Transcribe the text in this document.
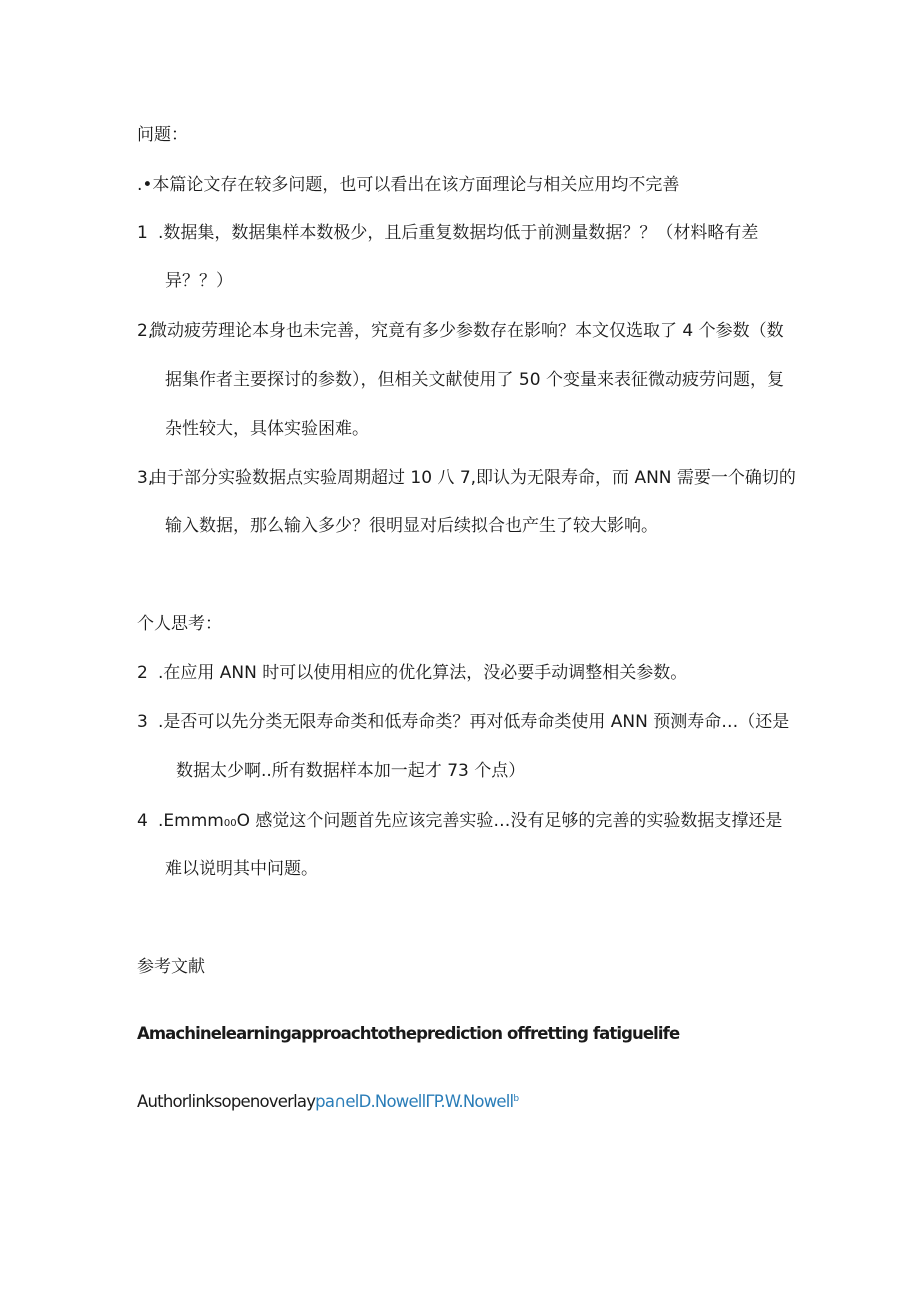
问题：
.•本篇论文存在较多问题，也可以看出在该方面理论与相关应用均不完善
1 .数据集，数据集样本数极少，且后重复数据均低于前测量数据？？（材料略有差
异？？）
2,
微动疲劳理论本身也未完善，究竟有多少参数存在影响？本文仅选取了 4 个参数（数
据集作者主要探讨的参数），但相关文献使用了 50 个变量来表征微动疲劳问题，复
杂性较大，具体实验困难。
3,
由于部分实验数据点实验周期超过 10 八 7,即认为无限寿命，而 ANN 需要一个确切的
输入数据，那么输入多少？很明显对后续拟合也产生了较大影响。
个人思考：
2 .在应用 ANN 时可以使用相应的优化算法，没必要手动调整相关参数。
3 .是否可以先分类无限寿命类和低寿命类？再对低寿命类使用 ANN 预测寿命…（还是
数据太少啊..所有数据样本加一起才 73 个点）
4 .Emmm00O 感觉这个问题首先应该完善实验…没有足够的完善的实验数据支撑还是
难以说明其中问题。
参考文献
Amachinelearningapproachtotheprediction offretting fatiguelife
Authorlinksopenoverlaypa∩elD.NowellΓP.W.Nowell$^b$
